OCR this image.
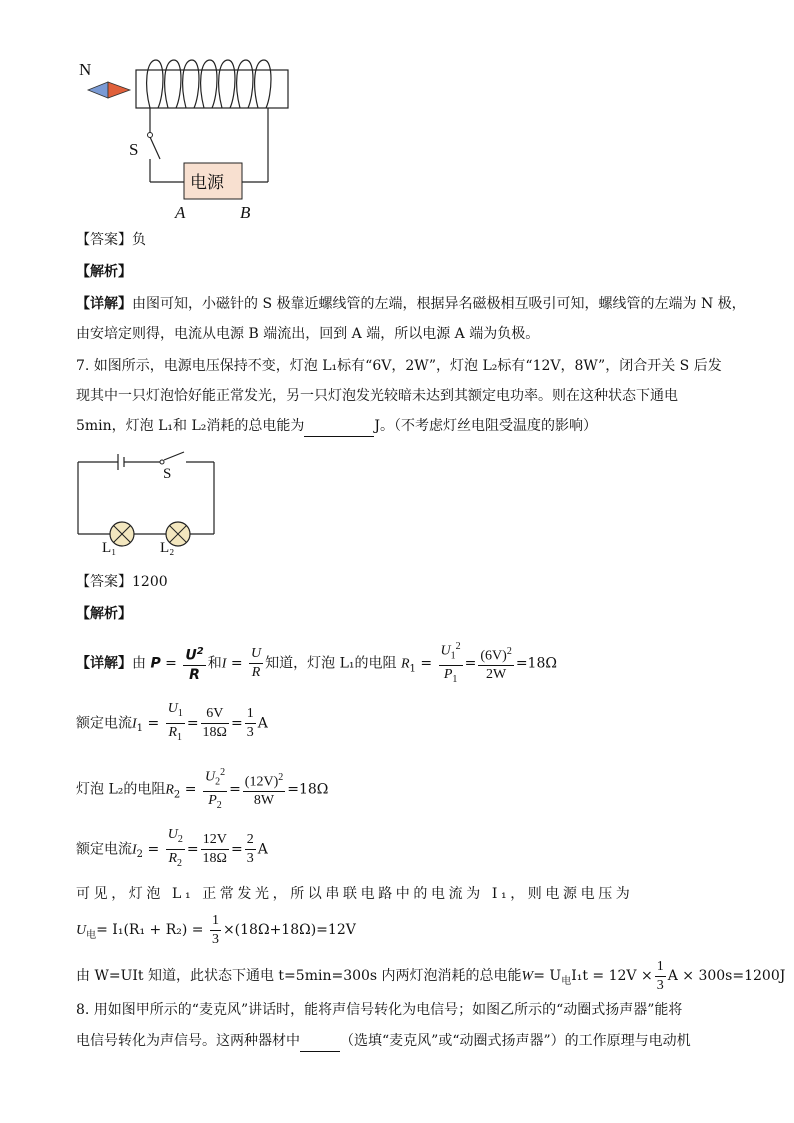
N
S
电源
A	B
【答案】负
【解析】
【详解】由图可知，小磁针的 S 极靠近螺线管的左端，根据异名磁极相互吸引可知，螺线管的左端为 N 极，
由安培定则得，电流从电源 B 端流出，回到 A 端，所以电源 A 端为负极。
7. 如图所示，电源电压保持不变，灯泡 L₁标有“6V，2W”，灯泡 L₂标有“12V，8W”，闭合开关 S 后发
现其中一只灯泡恰好能正常发光，另一只灯泡发光较暗未达到其额定电功率。则在这种状态下通电
5min，灯泡 L₁和 L₂消耗的总电能为	J。（不考虑灯丝电阻受温度的影响）
S
L₁	L₂
【答案】1200
【解析】
【详解】由 $P = \frac{U^2}{R}$ 和$I = \frac{U}{R}$ 知道，灯泡 L₁的电阻 $R_1 = \frac{U_1^2}{P_1} = \frac{(6V)^2}{2W} =18\Omega$
额定电流$I_1 = \frac{U_1}{R_1} = \frac{6V}{18\Omega} = \frac{1}{3}$ A
灯泡 L₂的电阻$R_2 = \frac{U_2^2}{P_2} = \frac{(12V)^2}{8W} =18\Omega$
额定电流$I_2 = \frac{U_2}{R_2} = \frac{12V}{18\Omega} = \frac{2}{3}$ A
可见，灯泡 L₁ 正常发光，所以串联电路中的电流为 I₁，则电源电压为
$U_电= I_1(R_1 + R_2) = \frac{1}{3} \times(18\Omega+18\Omega)=12V$
由 W=UIt 知道，此状态下通电 t=5min=300s 内两灯泡消耗的总电能$W= U_电I_1t = 12V \times \frac{1}{3}$ A × 300s=1200J
8. 用如图甲所示的“麦克风”讲话时，能将声信号转化为电信号；如图乙所示的“动圈式扬声器”能将
电信号转化为声信号。这两种器材中	（选填“麦克风”或“动圈式扬声器”）的工作原理与电动机
